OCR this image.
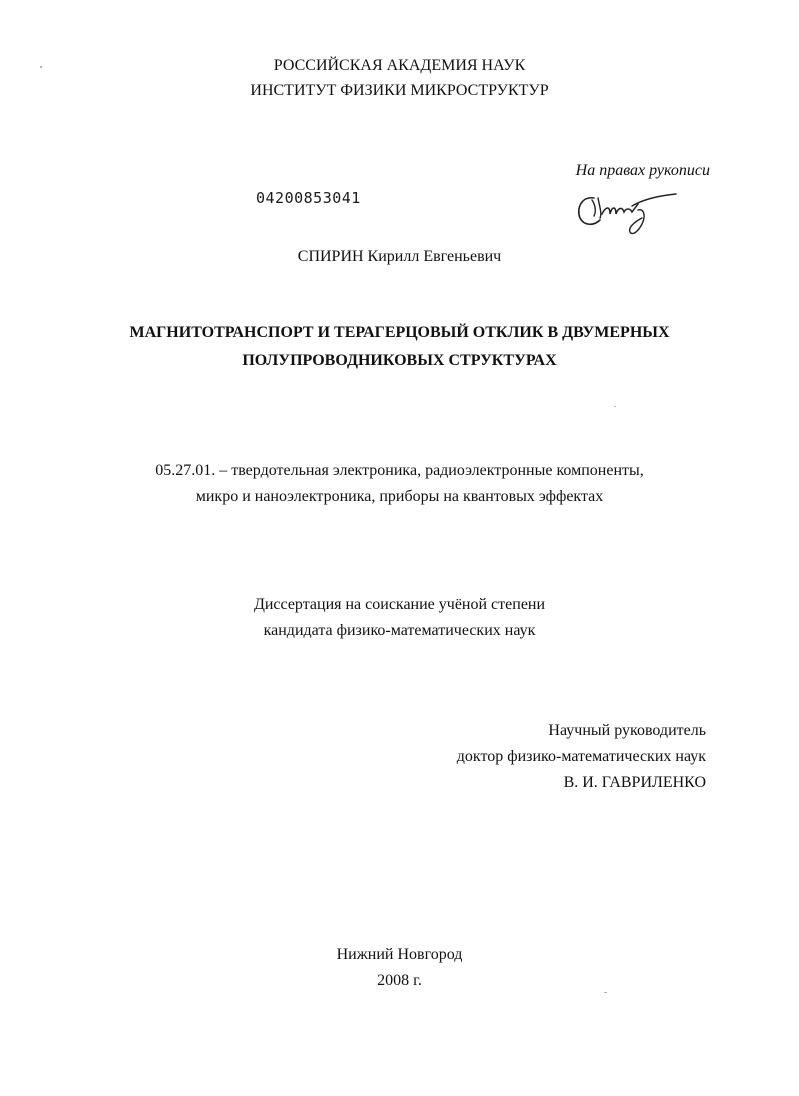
РОССИЙСКАЯ АКАДЕМИЯ НАУК
ИНСТИТУТ ФИЗИКИ МИКРОСТРУКТУР
На правах рукописи
04200853041
СПИРИН Кирилл Евгеньевич
МАГНИТОТРАНСПОРТ И ТЕРАГЕРЦОВЫЙ ОТКЛИК В ДВУМЕРНЫХ
ПОЛУПРОВОДНИКОВЫХ СТРУКТУРАХ
05.27.01. – твердотельная электроника, радиоэлектронные компоненты,
микро и наноэлектроника, приборы на квантовых эффектах
Диссертация на соискание учёной степени
кандидата физико-математических наук
Научный руководитель
доктор физико-математических наук
В. И. ГАВРИЛЕНКО
Нижний Новгород
2008 г.
